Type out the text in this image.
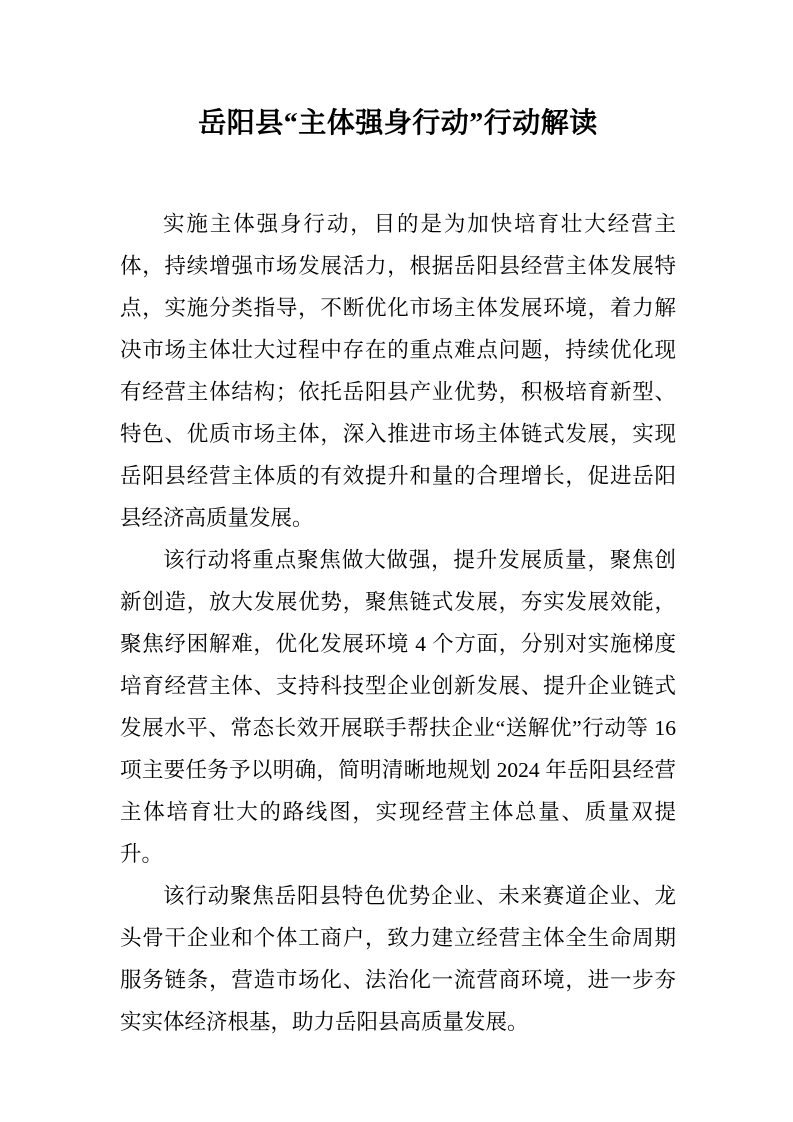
岳阳县“主体强身行动”行动解读

实施主体强身行动，目的是为加快培育壮大经营主体，持续增强市场发展活力，根据岳阳县经营主体发展特点，实施分类指导，不断优化市场主体发展环境，着力解决市场主体壮大过程中存在的重点难点问题，持续优化现有经营主体结构；依托岳阳县产业优势，积极培育新型、特色、优质市场主体，深入推进市场主体链式发展，实现岳阳县经营主体质的有效提升和量的合理增长，促进岳阳县经济高质量发展。

该行动将重点聚焦做大做强，提升发展质量，聚焦创新创造，放大发展优势，聚焦链式发展，夯实发展效能，聚焦纾困解难，优化发展环境 4 个方面，分别对实施梯度培育经营主体、支持科技型企业创新发展、提升企业链式发展水平、常态长效开展联手帮扶企业“送解优”行动等 16 项主要任务予以明确，简明清晰地规划 2024 年岳阳县经营主体培育壮大的路线图，实现经营主体总量、质量双提升。

该行动聚焦岳阳县特色优势企业、未来赛道企业、龙头骨干企业和个体工商户，致力建立经营主体全生命周期服务链条，营造市场化、法治化一流营商环境，进一步夯实实体经济根基，助力岳阳县高质量发展。
